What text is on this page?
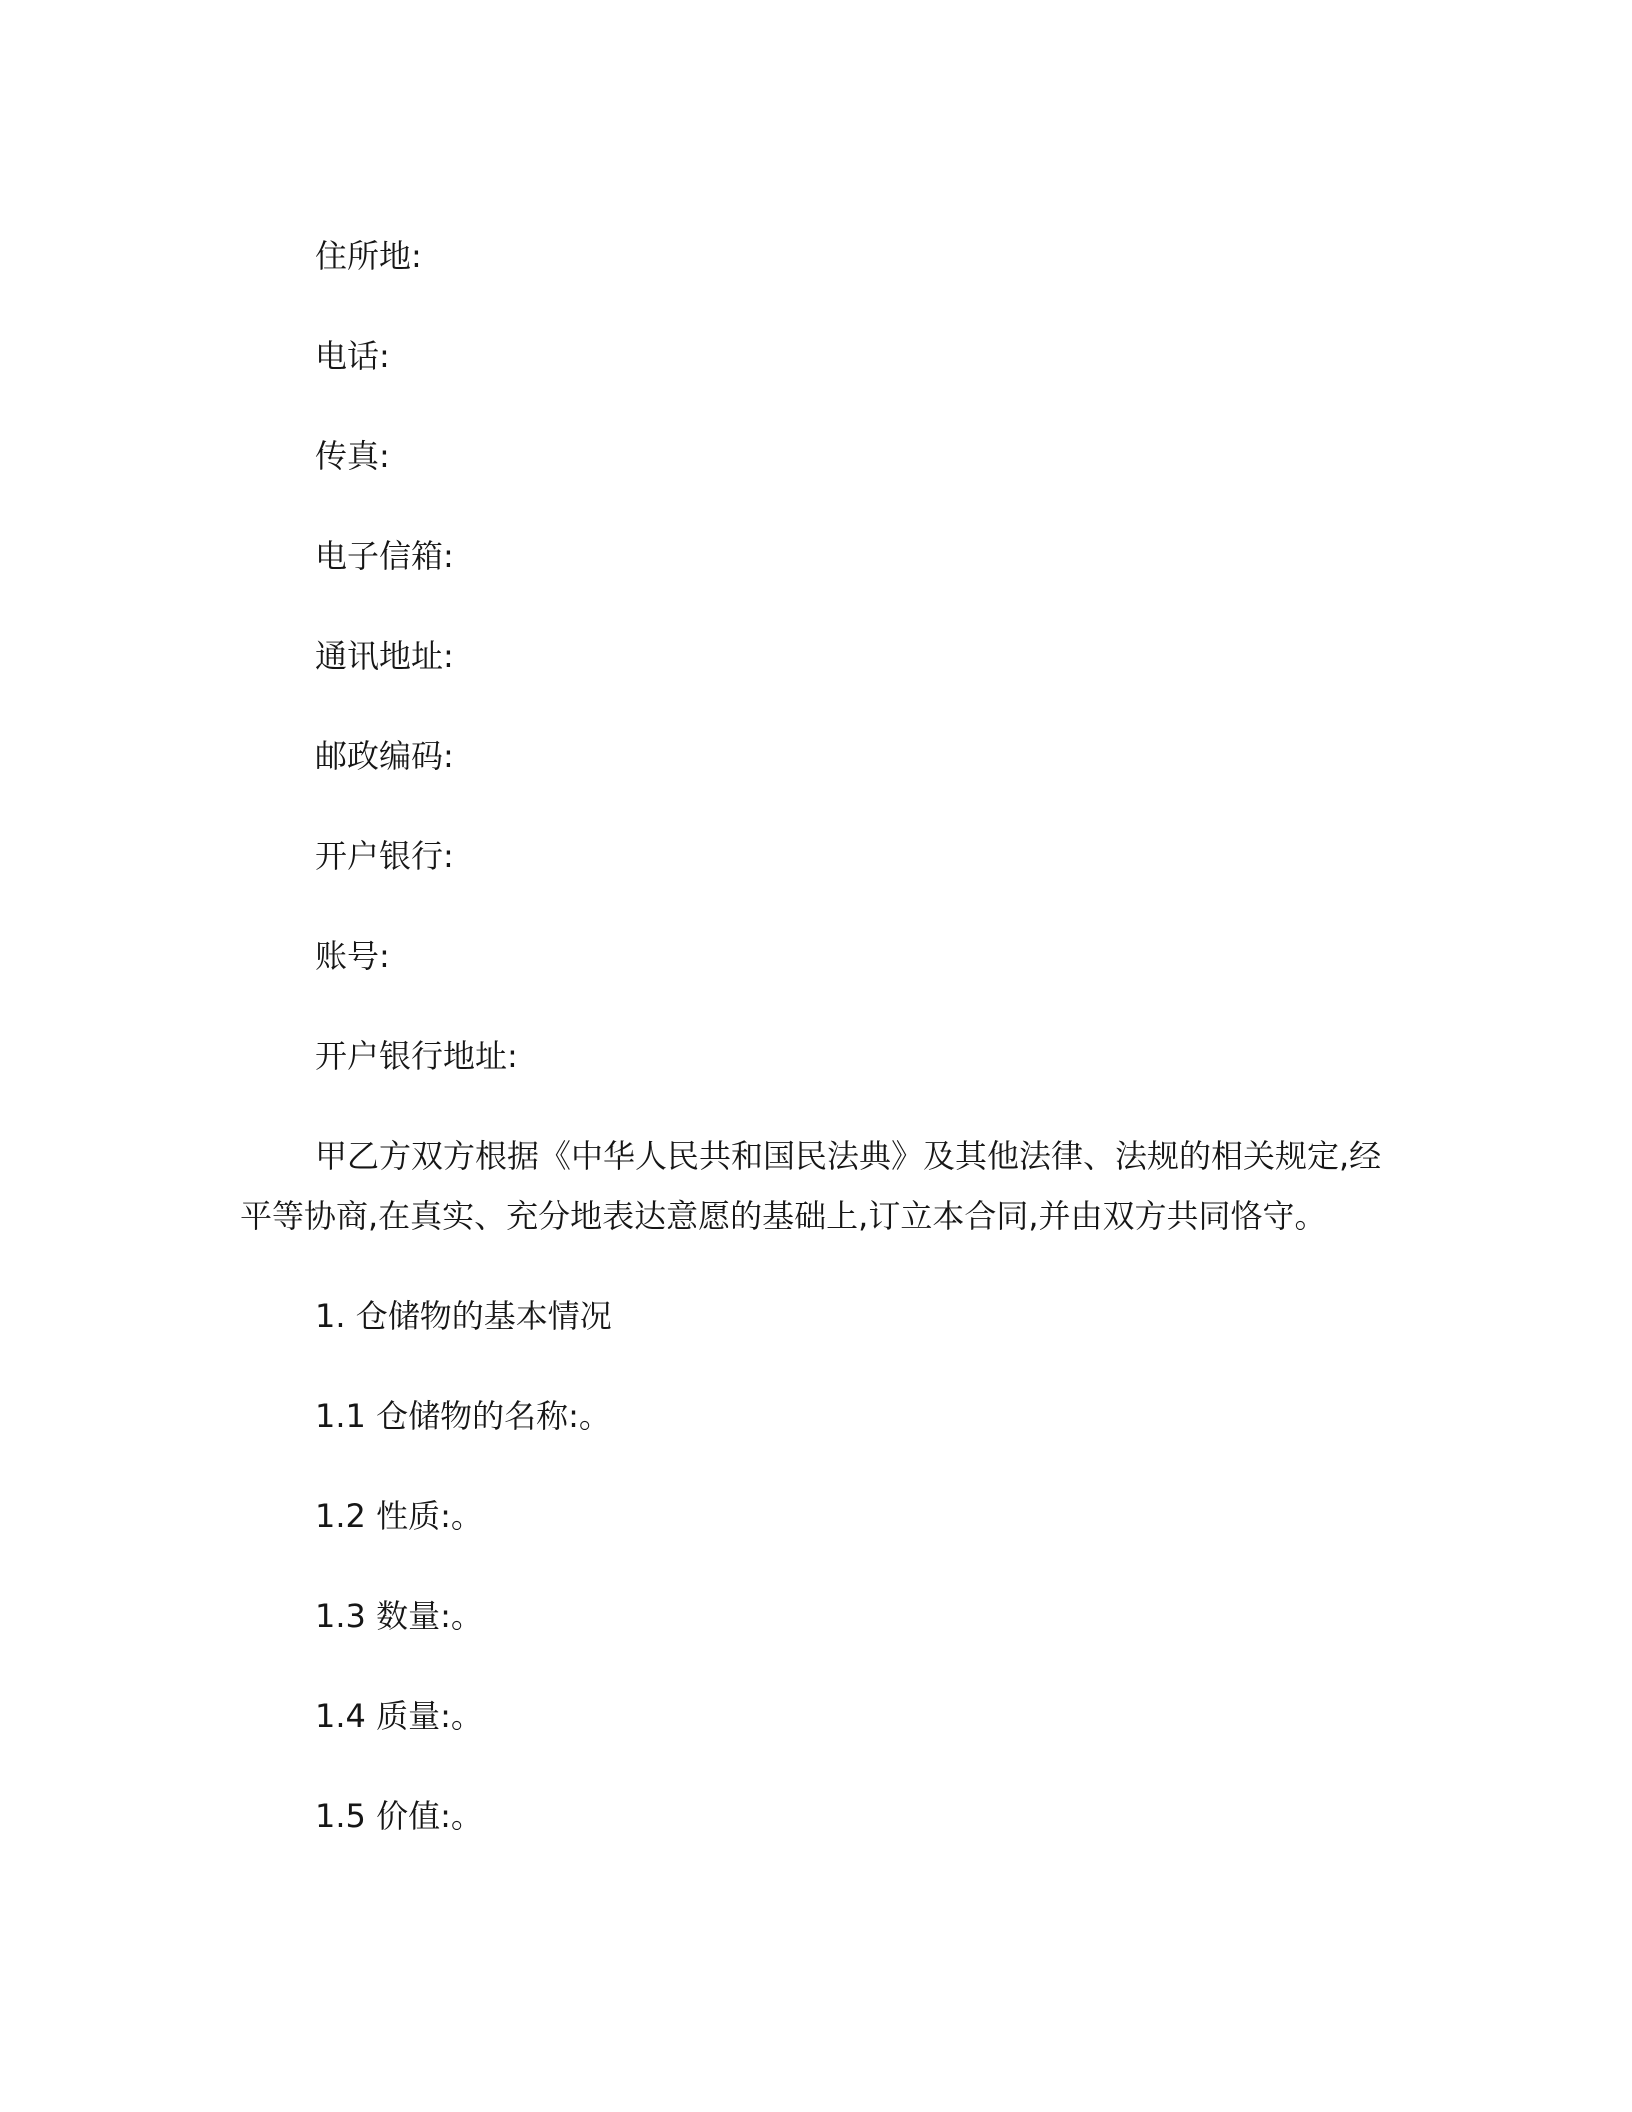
住所地:

电话:

传真:

电子信箱:

通讯地址:

邮政编码:

开户银行:

账号:

开户银行地址:

甲乙方双方根据《中华人民共和国民法典》及其他法律、法规的相关规定,经
平等协商,在真实、充分地表达意愿的基础上,订立本合同,并由双方共同恪守。

1. 仓储物的基本情况

1.1 仓储物的名称:。

1.2 性质:。

1.3 数量:。

1.4 质量:。

1.5 价值:。
